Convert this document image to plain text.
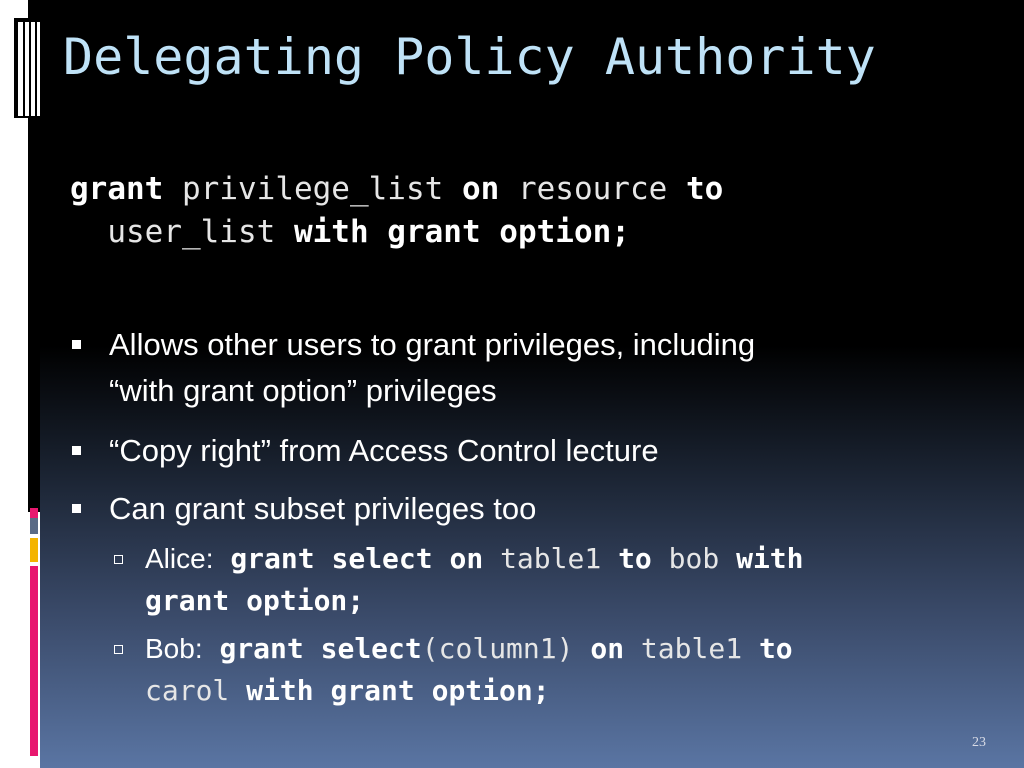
Delegating Policy Authority
grant privilege_list on resource to
user_list with grant option;
Allows other users to grant privileges, including
“with grant option” privileges
“Copy right” from Access Control lecture
Can grant subset privileges too
Alice: grant select on table1 to bob with
grant option;
Bob: grant select(column1) on table1 to
carol with grant option;
23
